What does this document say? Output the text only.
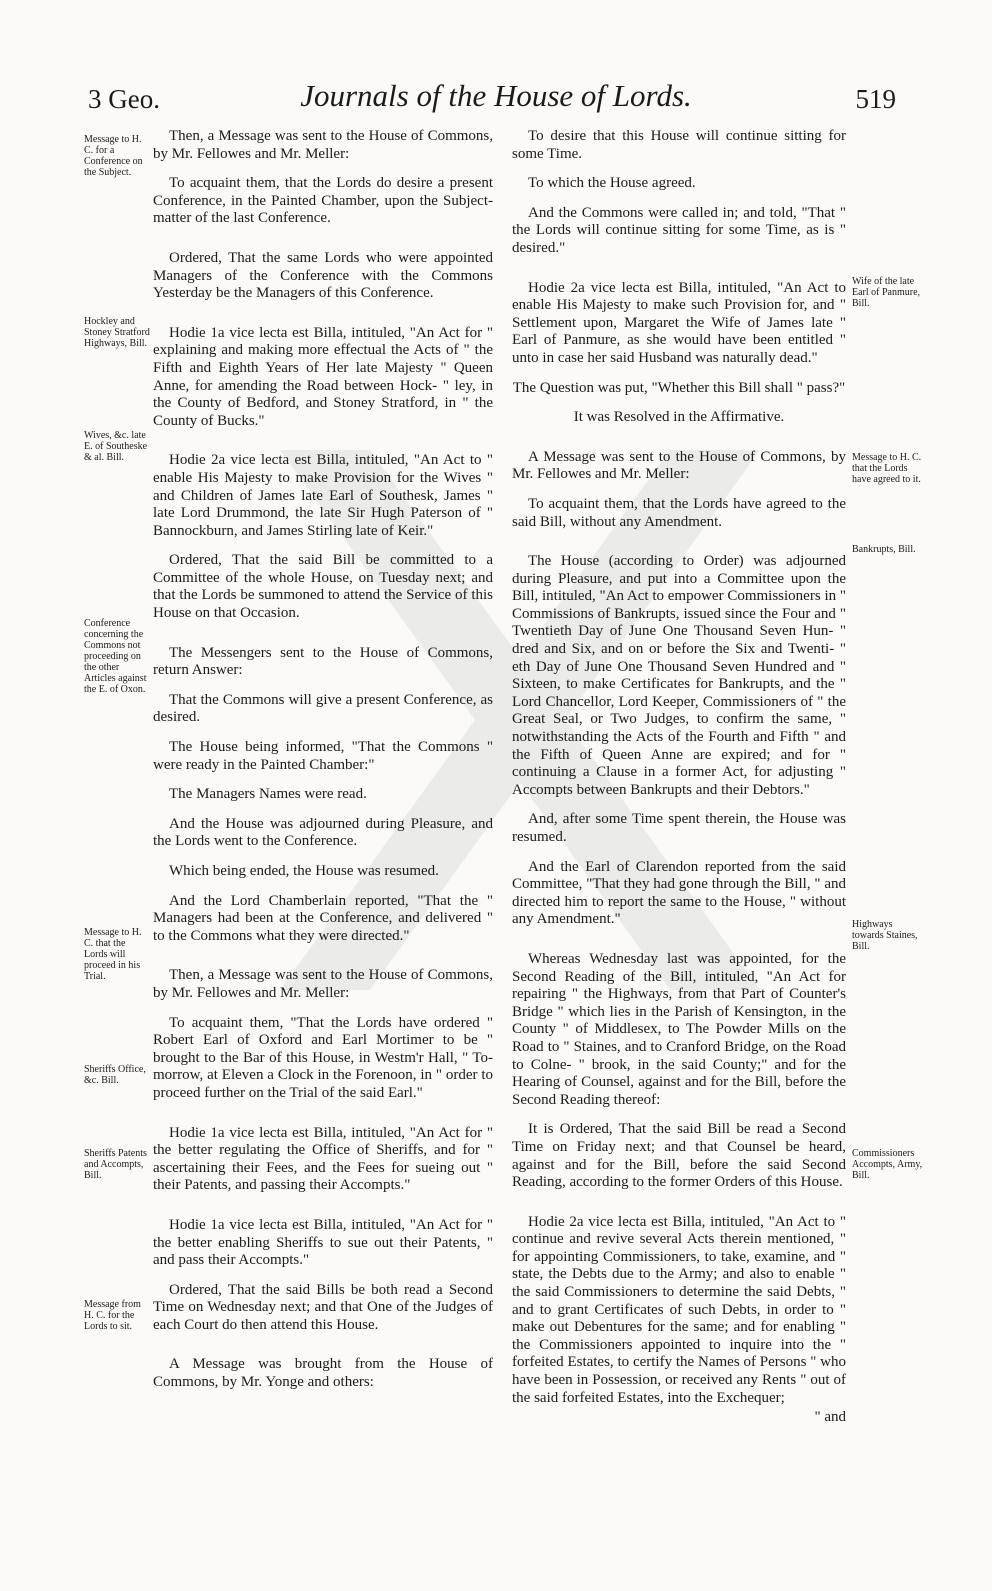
3 Geo.	Journals of the House of Lords.	519
Message to H. C. for a Conference on the Subject.
Hockley and Stoney Stratford Highways, Bill.
Wives, &c. late E. of Southeske & al. Bill.
Conference concerning the Commons not proceeding on the other Articles against the E. of Oxon.
Message to H. C. that the Lords will proceed in his Trial.
Sheriffs Office, &c. Bill.
Sheriffs Patents and Accompts, Bill.
Message from H. C. for the Lords to sit.
Wife of the late Earl of Panmure, Bill.
Message to H. C. that the Lords have agreed to it.
Bankrupts, Bill.
Highways towards Staines, Bill.
Commissioners Accompts, Army, Bill.

Then, a Message was sent to the House of Commons, by Mr. Fellowes and Mr. Meller:

To acquaint them, that the Lords do desire a present Conference, in the Painted Chamber, upon the Subject-matter of the last Conference.

Ordered, That the same Lords who were appointed Managers of the Conference with the Commons Yesterday be the Managers of this Conference.

Hodie 1a vice lecta est Billa, intituled, "An Act for " explaining and making more effectual the Acts of " the Fifth and Eighth Years of Her late Majesty " Queen Anne, for amending the Road between Hock- " ley, in the County of Bedford, and Stoney Stratford, in " the County of Bucks."

Hodie 2a vice lecta est Billa, intituled, "An Act to " enable His Majesty to make Provision for the Wives " and Children of James late Earl of Southesk, James " late Lord Drummond, the late Sir Hugh Paterson of " Bannockburn, and James Stirling late of Keir."

Ordered, That the said Bill be committed to a Committee of the whole House, on Tuesday next; and that the Lords be summoned to attend the Service of this House on that Occasion.

The Messengers sent to the House of Commons, return Answer:

That the Commons will give a present Conference, as desired.

The House being informed, "That the Commons " were ready in the Painted Chamber:"

The Managers Names were read.

And the House was adjourned during Pleasure, and the Lords went to the Conference.

Which being ended, the House was resumed.

And the Lord Chamberlain reported, "That the " Managers had been at the Conference, and delivered " to the Commons what they were directed."

Then, a Message was sent to the House of Commons, by Mr. Fellowes and Mr. Meller:

To acquaint them, "That the Lords have ordered " Robert Earl of Oxford and Earl Mortimer to be " brought to the Bar of this House, in Westm'r Hall, " To-morrow, at Eleven a Clock in the Forenoon, in " order to proceed further on the Trial of the said Earl."

Hodie 1a vice lecta est Billa, intituled, "An Act for " the better regulating the Office of Sheriffs, and for " ascertaining their Fees, and the Fees for sueing out " their Patents, and passing their Accompts."

Hodie 1a vice lecta est Billa, intituled, "An Act for " the better enabling Sheriffs to sue out their Patents, " and pass their Accompts."

Ordered, That the said Bills be both read a Second Time on Wednesday next; and that One of the Judges of each Court do then attend this House.

A Message was brought from the House of Commons, by Mr. Yonge and others:

To desire that this House will continue sitting for some Time.

To which the House agreed.

And the Commons were called in; and told, "That " the Lords will continue sitting for some Time, as is " desired."

Hodie 2a vice lecta est Billa, intituled, "An Act to enable His Majesty to make such Provision for, and " Settlement upon, Margaret the Wife of James late " Earl of Panmure, as she would have been entitled " unto in case her said Husband was naturally dead."

The Question was put, "Whether this Bill shall " pass?"

It was Resolved in the Affirmative.

A Message was sent to the House of Commons, by Mr. Fellowes and Mr. Meller:

To acquaint them, that the Lords have agreed to the said Bill, without any Amendment.

The House (according to Order) was adjourned during Pleasure, and put into a Committee upon the Bill, intituled, "An Act to empower Commissioners in " Commissions of Bankrupts, issued since the Four and " Twentieth Day of June One Thousand Seven Hun- " dred and Six, and on or before the Six and Twenti- " eth Day of June One Thousand Seven Hundred and " Sixteen, to make Certificates for Bankrupts, and the " Lord Chancellor, Lord Keeper, Commissioners of " the Great Seal, or Two Judges, to confirm the same, " notwithstanding the Acts of the Fourth and Fifth " and the Fifth of Queen Anne are expired; and for " continuing a Clause in a former Act, for adjusting " Accompts between Bankrupts and their Debtors."

And, after some Time spent therein, the House was resumed.

And the Earl of Clarendon reported from the said Committee, "That they had gone through the Bill, " and directed him to report the same to the House, " without any Amendment."

Whereas Wednesday last was appointed, for the Second Reading of the Bill, intituled, "An Act for repairing " the Highways, from that Part of Counter's Bridge " which lies in the Parish of Kensington, in the County " of Middlesex, to The Powder Mills on the Road to " Staines, and to Cranford Bridge, on the Road to Colne- " brook, in the said County;" and for the Hearing of Counsel, against and for the Bill, before the Second Reading thereof:

It is Ordered, That the said Bill be read a Second Time on Friday next; and that Counsel be heard, against and for the Bill, before the said Second Reading, according to the former Orders of this House.

Hodie 2a vice lecta est Billa, intituled, "An Act to " continue and revive several Acts therein mentioned, " for appointing Commissioners, to take, examine, and " state, the Debts due to the Army; and also to enable " the said Commissioners to determine the said Debts, " and to grant Certificates of such Debts, in order to " make out Debentures for the same; and for enabling " the Commissioners appointed to inquire into the " forfeited Estates, to certify the Names of Persons " who have been in Possession, or received any Rents " out of the said forfeited Estates, into the Exchequer;

" and
